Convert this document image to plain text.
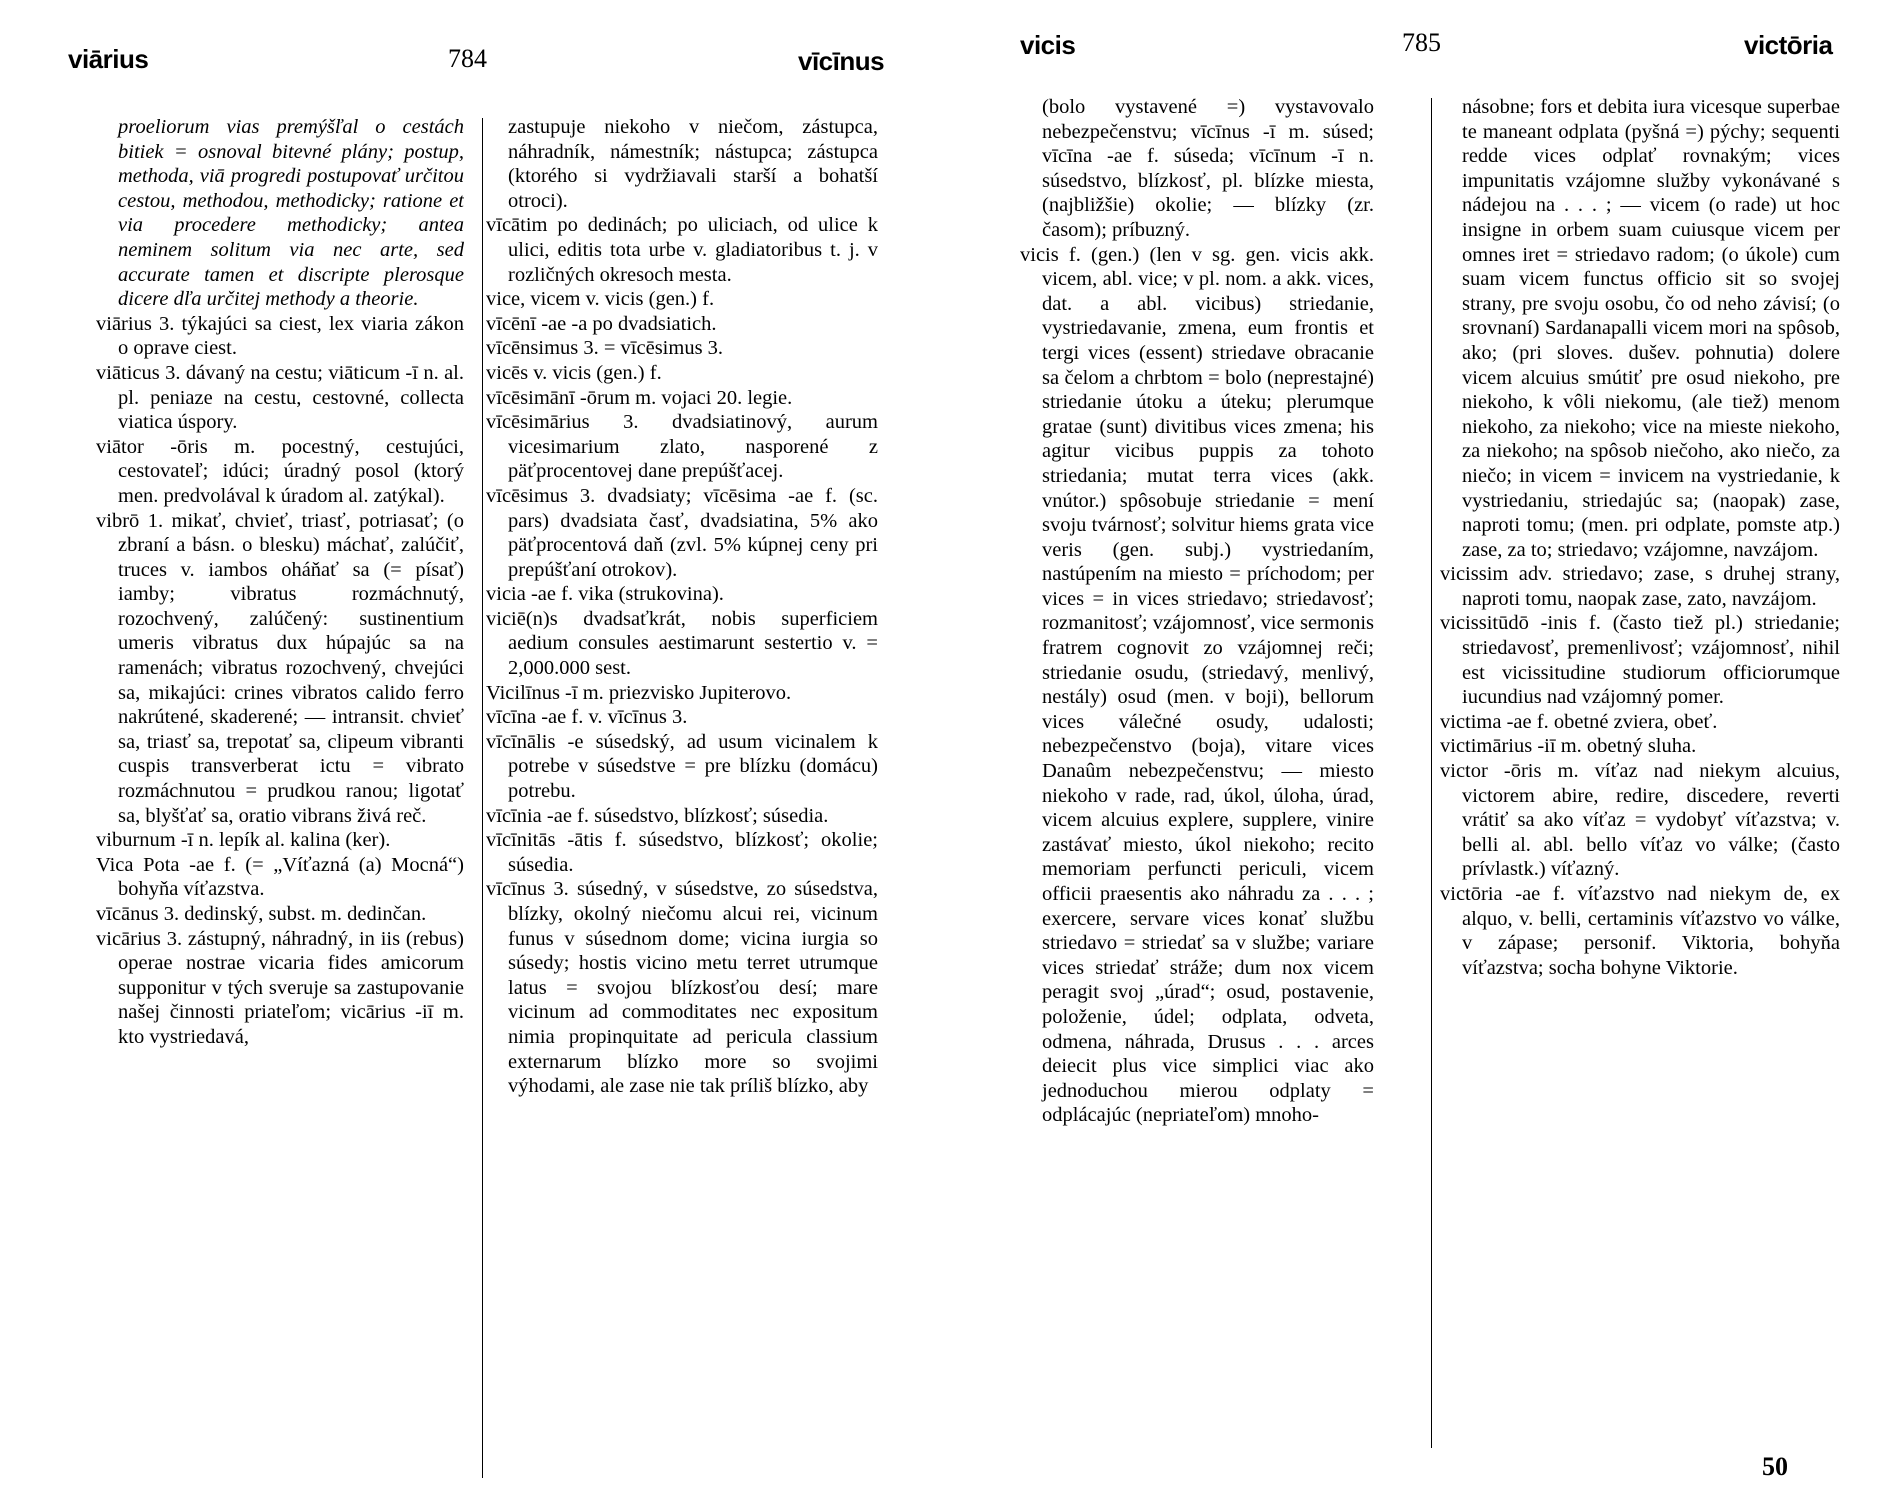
viārius	784	vīcīnus

proeliorum vias premýšľal o cestách bitiek = osnoval bitevné plány; postup, methoda, viā progredi postupovať určitou cestou, methodou, methodicky; ratione et via procedere methodicky; antea neminem solitum via nec arte, sed accurate tamen et discripte plerosque dicere dľa určitej methody a theorie.

viārius 3. týkajúci sa ciest, lex viaria zákon o oprave ciest.

viāticus 3. dávaný na cestu; viāticum -ī n. al. pl. peniaze na cestu, cestovné, collecta viatica úspory.

viātor -ōris m. pocestný, cestujúci, cestovateľ; idúci; úradný posol (ktorý men. predvolával k úradom al. zatýkal).

vibrō 1. mikať, chvieť, triasť, potriasať; (o zbraní a básn. o blesku) máchať, zalúčiť, truces v. iambos oháňať sa (= písať) iamby; vibratus rozmáchnutý, rozochvený, zalúčený: sustinentium umeris vibratus dux húpajúc sa na ramenách; vibratus rozochvený, chvejúci sa, mikajúci: crines vibratos calido ferro nakrútené, skaderené; — intransit. chvieť sa, triasť sa, trepotať sa, clipeum vibranti cuspis transverberat ictu = vibrato rozmáchnutou = prudkou ranou; ligotať sa, blyšťať sa, oratio vibrans živá reč.

viburnum -ī n. lepík al. kalina (ker).

Vica Pota -ae f. (= „Víťazná (a) Mocná“) bohyňa víťazstva.

vīcānus 3. dedinský, subst. m. dedinčan.

vicārius 3. zástupný, náhradný, in iis (rebus) operae nostrae vicaria fides amicorum supponitur v tých sveruje sa zastupovanie našej činnosti priateľom; vicārius -iī m. kto vystriedavá,

zastupuje niekoho v niečom, zástupca, náhradník, námestník; nástupca; zástupca (ktorého si vydržiavali starší a bohatší otroci).

vīcātim po dedinách; po uliciach, od ulice k ulici, editis tota urbe v. gladiatoribus t. j. v rozličných okresoch mesta.

vice, vicem v. vicis (gen.) f.

vīcēnī -ae -a po dvadsiatich.

vīcēnsimus 3. = vīcēsimus 3.

vicēs v. vicis (gen.) f.

vīcēsimānī -ōrum m. vojaci 20. legie.

vīcēsimārius 3. dvadsiatinový, aurum vicesimarium zlato, nasporené z päťprocentovej dane prepúšťacej.

vīcēsimus 3. dvadsiaty; vīcēsima -ae f. (sc. pars) dvadsiata časť, dvadsiatina, 5% ako päťprocentová daň (zvl. 5% kúpnej ceny pri prepúšťaní otrokov).

vicia -ae f. vika (strukovina).

viciē(n)s dvadsaťkrát, nobis superficiem aedium consules aestimarunt sestertio v. = 2,000.000 sest.

Vicilīnus -ī m. priezvisko Jupiterovo.

vīcīna -ae f. v. vīcīnus 3.

vīcīnālis -e súsedský, ad usum vicinalem k potrebe v súsedstve = pre blízku (domácu) potrebu.

vīcīnia -ae f. súsedstvo, blízkosť; súsedia.

vīcīnitās -ātis f. súsedstvo, blízkosť; okolie; súsedia.

vīcīnus 3. súsedný, v súsedstve, zo súsedstva, blízky, okolný niečomu alcui rei, vicinum funus v súsednom dome; vicina iurgia so súsedy; hostis vicino metu terret utrumque latus = svojou blízkosťou desí; mare vicinum ad commoditates nec expositum nimia propinquitate ad pericula classium externarum blízko more so svojimi výhodami, ale zase nie tak príliš blízko, aby

vicis	785	victōria

(bolo vystavené =) vystavovalo nebezpečenstvu; vīcīnus -ī m. súsed; vīcīna -ae f. súseda; vīcīnum -ī n. súsedstvo, blízkosť, pl. blízke miesta, (najbližšie) okolie; — blízky (zr. časom); príbuzný.

vicis f. (gen.) (len v sg. gen. vicis akk. vicem, abl. vice; v pl. nom. a akk. vices, dat. a abl. vicibus) striedanie, vystriedavanie, zmena, eum frontis et tergi vices (essent) striedave obracanie sa čelom a chrbtom = bolo (neprestajné) striedanie útoku a úteku; plerumque gratae (sunt) divitibus vices zmena; his agitur vicibus puppis za tohoto striedania; mutat terra vices (akk. vnútor.) spôsobuje striedanie = mení svoju tvárnosť; solvitur hiems grata vice veris (gen. subj.) vystriedaním, nastúpením na miesto = príchodom; per vices = in vices striedavo; striedavosť; rozmanitosť; vzájomnosť, vice sermonis fratrem cognovit zo vzájomnej reči; striedanie osudu, (striedavý, menlivý, nestály) osud (men. v boji), bellorum vices válečné osudy, udalosti; nebezpečenstvo (boja), vitare vices Danaûm nebezpečenstvu; — miesto niekoho v rade, rad, úkol, úloha, úrad, vicem alcuius explere, supplere, vinire zastávať miesto, úkol niekoho; recito memoriam perfuncti periculi, vicem officii praesentis ako náhradu za . . . ; exercere, servare vices konať službu striedavo = striedať sa v službe; variare vices striedať stráže; dum nox vicem peragit svoj „úrad“; osud, postavenie, položenie, údel; odplata, odveta, odmena, náhrada, Drusus . . . arces deiecit plus vice simplici viac ako jednoduchou mierou odplaty = odplácajúc (nepriateľom) mnoho-

násobne; fors et debita iura vicesque superbae te maneant odplata (pyšná =) pýchy; sequenti redde vices odplať rovnakým; vices impunitatis vzájomne služby vykonávané s nádejou na . . . ; — vicem (o rade) ut hoc insigne in orbem suam cuiusque vicem per omnes iret = striedavo radom; (o úkole) cum suam vicem functus officio sit so svojej strany, pre svoju osobu, čo od neho závisí; (o srovnaní) Sardanapalli vicem mori na spôsob, ako; (pri sloves. dušev. pohnutia) dolere vicem alcuius smútiť pre osud niekoho, pre niekoho, k vôli niekomu, (ale tiež) menom niekoho, za niekoho; vice na mieste niekoho, za niekoho; na spôsob niečoho, ako niečo, za niečo; in vicem = invicem na vystriedanie, k vystriedaniu, striedajúc sa; (naopak) zase, naproti tomu; (men. pri odplate, pomste atp.) zase, za to; striedavo; vzájomne, navzájom.

vicissim adv. striedavo; zase, s druhej strany, naproti tomu, naopak zase, zato, navzájom.

vicissitūdō -inis f. (často tiež pl.) striedanie; striedavosť, premenlivosť; vzájomnosť, nihil est vicissitudine studiorum officiorumque iucundius nad vzájomný pomer.

victima -ae f. obetné zviera, obeť.

victimārius -iī m. obetný sluha.

victor -ōris m. víťaz nad niekym alcuius, victorem abire, redire, discedere, reverti vrátiť sa ako víťaz = vydobyť víťazstva; v. belli al. abl. bello víťaz vo válke; (často prívlastk.) víťazný.

victōria -ae f. víťazstvo nad niekym de, ex alquo, v. belli, certaminis víťazstvo vo válke, v zápase; personif. Viktoria, bohyňa víťazstva; socha bohyne Viktorie.

50
